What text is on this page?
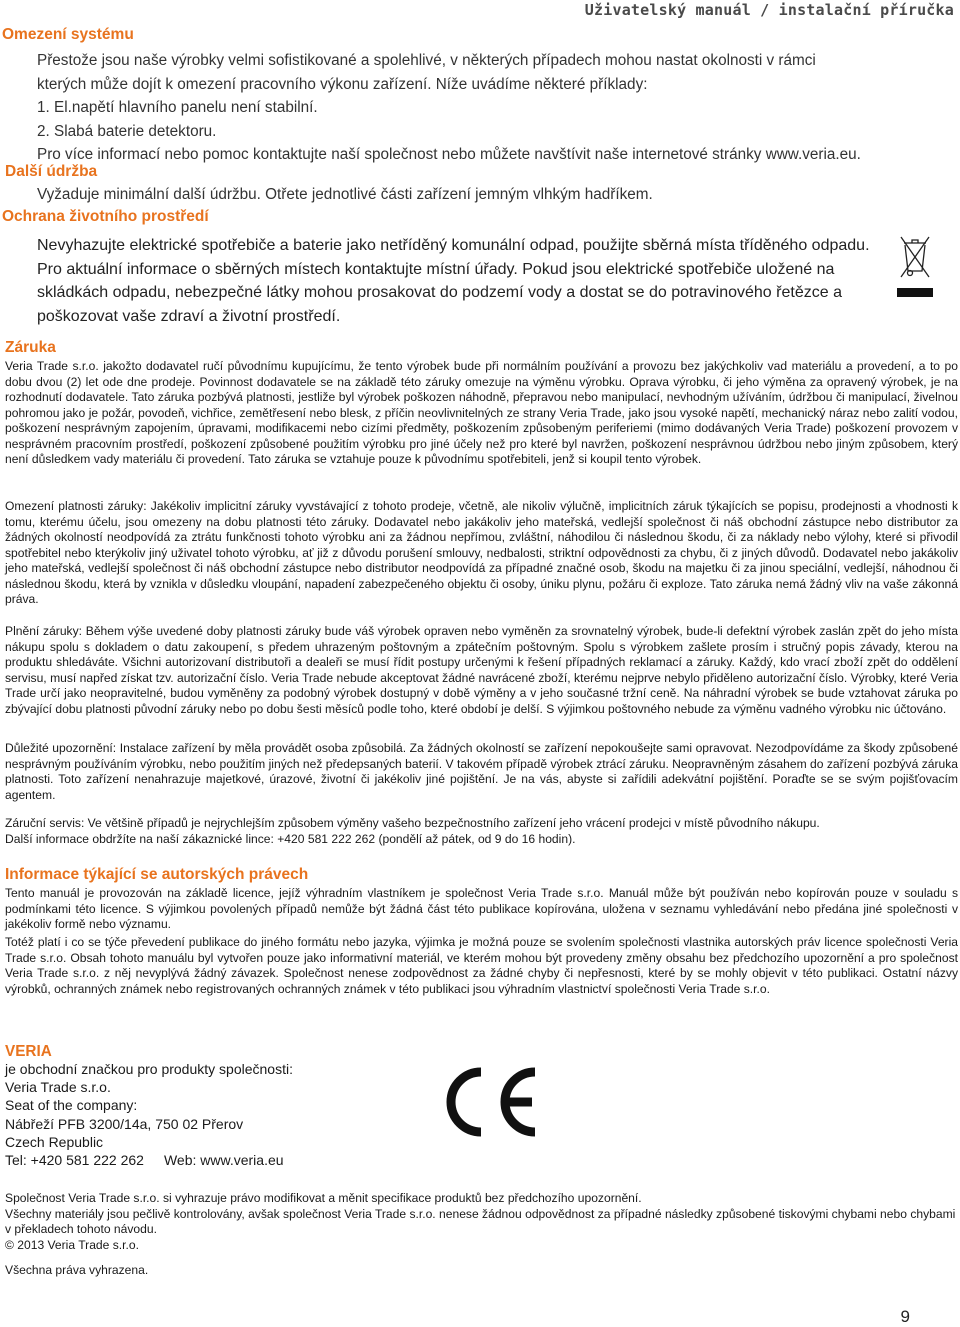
Uživatelský manuál / instalační příručka
Omezení systému

Přestože jsou naše výrobky velmi sofistikované a spolehlivé, v některých případech mohou nastat okolnosti v rámci

kterých může dojít k omezení pracovního výkonu zařízení. Níže uvádíme některé příklady:

1. El.napětí hlavního panelu není stabilní.

2. Slabá baterie detektoru.

Pro více informací nebo pomoc kontaktujte naší společnost nebo můžete navštívit naše internetové stránky www.veria.eu.

Další údržba
Vyžaduje minimální další údržbu. Otřete jednotlivé části zařízení jemným vlhkým hadříkem.
Ochrana životního prostředí
Nevyhazujte elektrické spotřebiče a baterie jako netříděný komunální odpad, použijte sběrná místa tříděného odpadu. Pro aktuální informace o sběrných místech kontaktujte místní úřady. Pokud jsou elektrické spotřebiče uložené na skládkách odpadu, nebezpečné látky mohou prosakovat do podzemí vody a dostat se do potravinového řetězce a poškozovat vaše zdraví a životní prostředí.
Záruka
Veria Trade s.r.o. jakožto dodavatel ručí původnímu kupujícímu, že tento výrobek bude při normálním používání a provozu bez jakýchkoliv vad materiálu a provedení, a to po dobu dvou (2) let ode dne prodeje. Povinnost dodavatele se na základě této záruky omezuje na výměnu výrobku. Oprava výrobku, či jeho výměna za opravený výrobek, je na rozhodnutí dodavatele. Tato záruka pozbývá platnosti, jestliže byl výrobek poškozen náhodně, přepravou nebo manipulací, nevhodným užíváním, údržbou či manipulací, živelnou pohromou jako je požár, povodeň, vichřice, zemětřesení nebo blesk, z příčin neovlivnitelných ze strany Veria Trade, jako jsou vysoké napětí, mechanický náraz nebo zalití vodou, poškození nesprávným zapojením, úpravami, modifikacemi nebo cizími předměty, poškozením způsobeným periferiemi (mimo dodávaných Veria Trade) poškození provozem v nesprávném pracovním prostředí, poškození způsobené použitím výrobku pro jiné účely než pro které byl navržen, poškození nesprávnou údržbou nebo jiným způsobem, který není důsledkem vady materiálu či provedení. Tato záruka se vztahuje pouze k původnímu spotřebiteli, jenž si koupil tento výrobek.
Omezení platnosti záruky: Jakékoliv implicitní záruky vyvstávající z tohoto prodeje, včetně, ale nikoliv výlučně, implicitních záruk týkajících se popisu, prodejnosti a vhodnosti k tomu, kterému účelu, jsou omezeny na dobu platnosti této záruky. Dodavatel nebo jakákoliv jeho mateřská, vedlejší společnost či náš obchodní zástupce nebo distributor za žádných okolností neodpovídá za ztrátu funkčnosti tohoto výrobku ani za žádnou nepřímou, zvláštní, náhodilou či následnou škodu, či za náklady nebo výlohy, které si přivodil spotřebitel nebo kterýkoliv jiný uživatel tohoto výrobku, ať již z důvodu porušení smlouvy, nedbalosti, striktní odpovědnosti za chybu, či z jiných důvodů. Dodavatel nebo jakákoliv jeho mateřská, vedlejší společnost či náš obchodní zástupce nebo distributor neodpovídá za případné značné osob, škodu na majetku či za jinou speciální, vedlejší, náhodnou či následnou škodu, která by vznikla v důsledku vloupání, napadení zabezpečeného objektu či osoby, úniku plynu, požáru či exploze. Tato záruka nemá žádný vliv na vaše zákonná práva.
Plnění záruky: Během výše uvedené doby platnosti záruky bude váš výrobek opraven nebo vyměněn za srovnatelný výrobek, bude-li defektní výrobek zaslán zpět do jeho místa nákupu spolu s dokladem o datu zakoupení, s předem uhrazeným poštovným a zpátečním poštovným. Spolu s výrobkem zašlete prosím i stručný popis závady, kterou na produktu shledáváte. Všichni autorizovaní distributoři a dealeři se musí řídit postupy určenými k řešení případných reklamací a záruky. Každý, kdo vrací zboží zpět do oddělení servisu, musí napřed získat tzv. autorizační číslo. Veria Trade nebude akceptovat žádné navrácené zboží, kterému nejprve nebylo přiděleno autorizační číslo. Výrobky, které Veria Trade určí jako neopravitelné, budou vyměněny za podobný výrobek dostupný v době výměny a v jeho současné tržní ceně. Na náhradní výrobek se bude vztahovat záruka po zbývající dobu platnosti původní záruky nebo po dobu šesti měsíců podle toho, které období je delší. S výjimkou poštovného nebude za výměnu vadného výrobku nic účtováno.
Důležité upozornění: Instalace zařízení by měla provádět osoba způsobilá. Za žádných okolností se zařízení nepokoušejte sami opravovat. Nezodpovídáme za škody způsobené nesprávným používáním výrobku, nebo použitím jiných než předepsaných baterií. V takovém případě výrobek ztrácí záruku. Neopravněným zásahem do zařízení pozbývá záruka platnosti. Toto zařízení nenahrazuje majetkové, úrazové, životní či jakékoliv jiné pojištění. Je na vás, abyste si zařídili adekvátní pojištění. Poraďte se se svým pojišťovacím agentem.

Záruční servis: Ve většině případů je nejrychlejším způsobem výměny vašeho bezpečnostního zařízení jeho vrácení prodejci v místě původního nákupu.

Další informace obdržíte na naší zákaznické lince: +420 581 222 262 (pondělí až pátek, od 9 do 16 hodin).

Informace týkající se autorských právech
Tento manuál je provozován na základě licence, jejíž výhradním vlastníkem je společnost Veria Trade s.r.o. Manuál může být používán nebo kopírován pouze v souladu s podmínkami této licence. S výjimkou povolených případů nemůže být žádná část této publikace kopírována, uložena v seznamu vyhledávání nebo předána jiné společnosti v jakékoliv formě nebo významu.
Totéž platí i co se týče převedení publikace do jiného formátu nebo jazyka, výjimka je možná pouze se svolením společnosti vlastnika autorských práv licence společnosti Veria Trade s.r.o. Obsah tohoto manuálu byl vytvořen pouze jako informativní materiál, ve kterém mohou být provedeny změny obsahu bez předchozího upozornění a pro společnost Veria Trade s.r.o. z něj nevyplývá žádný závazek. Společnost nenese zodpovědnost za žádné chyby či nepřesnosti, které by se mohly objevit v této publikaci. Ostatní názvy výrobků, ochranných známek nebo registrovaných ochranných známek v této publikaci jsou výhradním vlastnictví společnosti Veria Trade s.r.o.
VERIA

je obchodní značkou pro produkty společnosti:

Veria Trade s.r.o.

Seat of the company:

Nábřeží PFB 3200/14a, 750 02 Přerov

Czech Republic

Tel: +420 581 222 262 Web: www.veria.eu

Společnost Veria Trade s.r.o. si vyhrazuje právo modifikovat a měnit specifikace produktů bez předchozího upozornění.

Všechny materiály jsou pečlivě kontrolovány, avšak společnost Veria Trade s.r.o. nenese žádnou odpovědnost za případné následky způsobené tiskovými chybami nebo chybami v překladech tohoto návodu.

© 2013 Veria Trade s.r.o.

Všechna práva vyhrazena.

9
